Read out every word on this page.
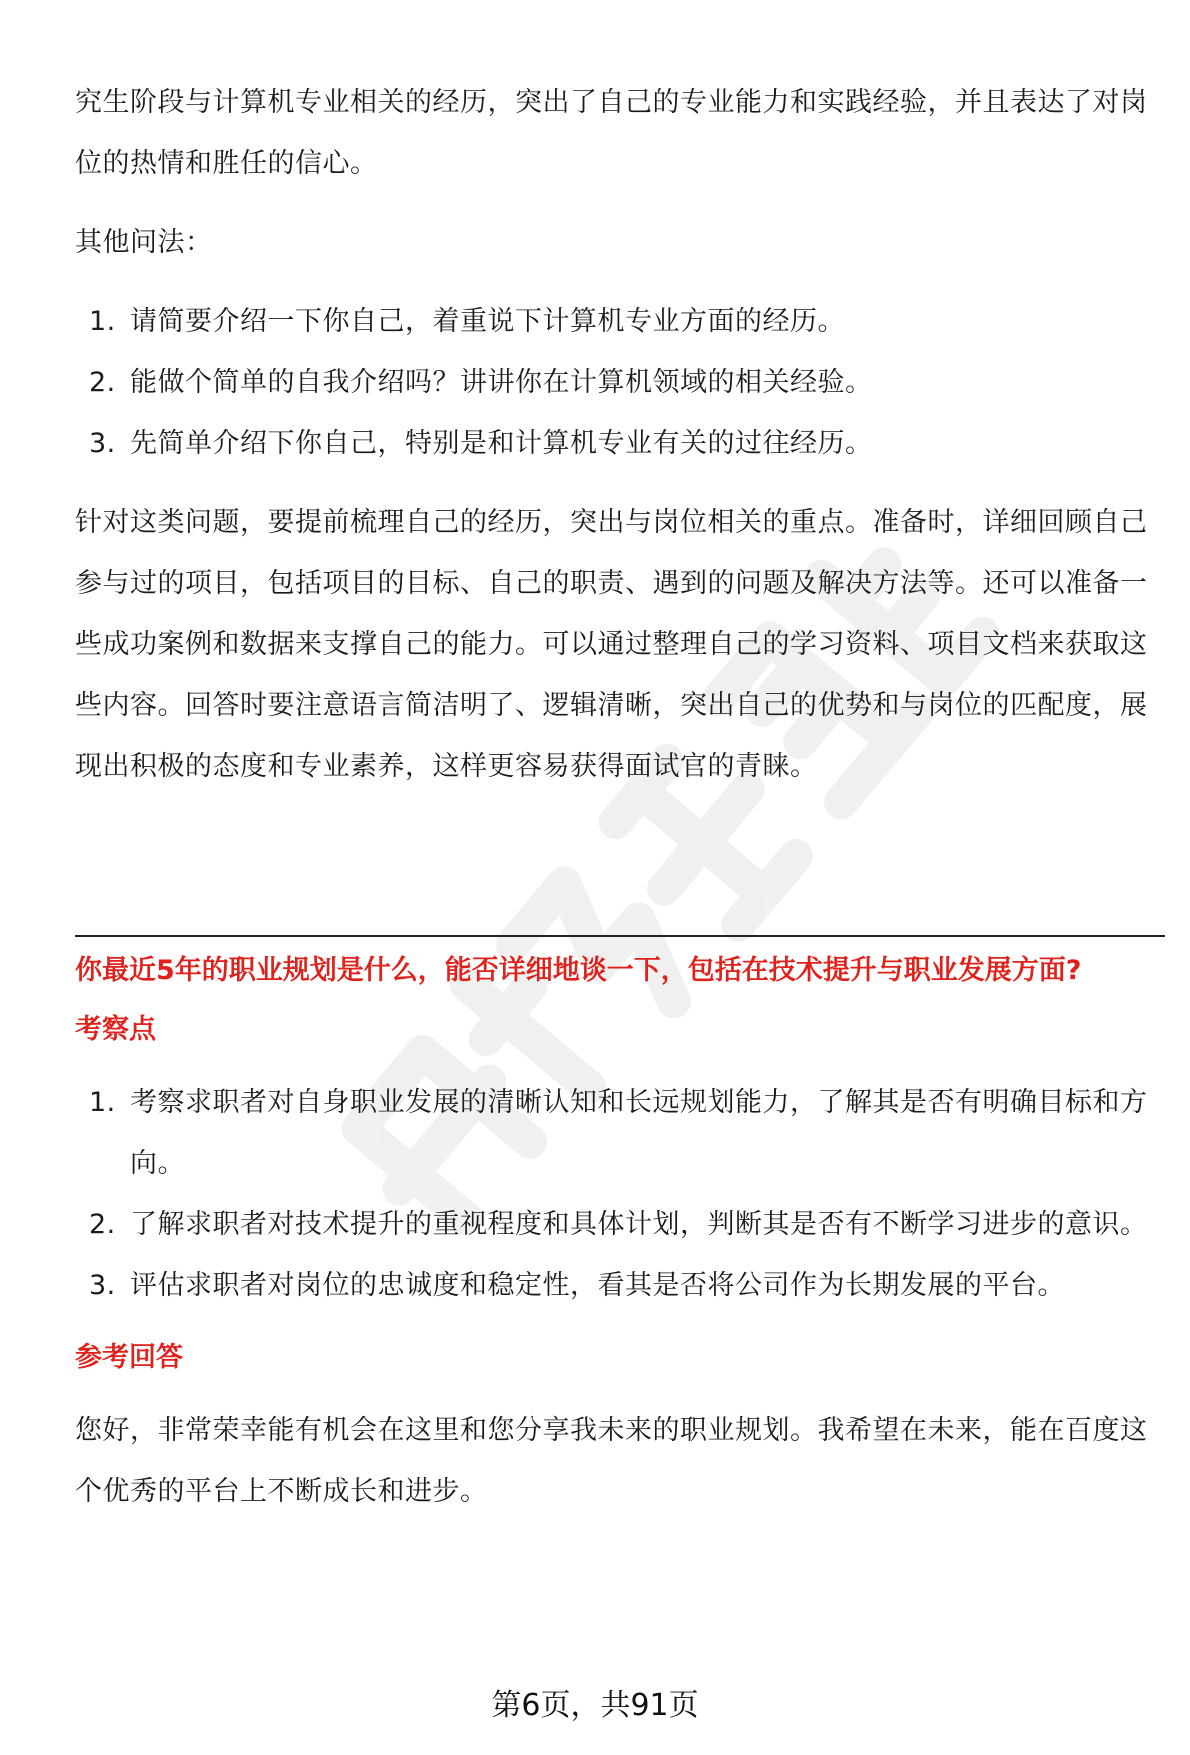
究生阶段与计算机专业相关的经历，突出了自己的专业能力和实践经验，并且表达了对岗位的热情和胜任的信心。

其他问法：

1. 请简要介绍一下你自己，着重说下计算机专业方面的经历。
2. 能做个简单的自我介绍吗？讲讲你在计算机领域的相关经验。
3. 先简单介绍下你自己，特别是和计算机专业有关的过往经历。

针对这类问题，要提前梳理自己的经历，突出与岗位相关的重点。准备时，详细回顾自己参与过的项目，包括项目的目标、自己的职责、遇到的问题及解决方法等。还可以准备一些成功案例和数据来支撑自己的能力。可以通过整理自己的学习资料、项目文档来获取这些内容。回答时要注意语言简洁明了、逻辑清晰，突出自己的优势和与岗位的匹配度，展现出积极的态度和专业素养，这样更容易获得面试官的青睐。

你最近5年的职业规划是什么，能否详细地谈一下，包括在技术提升与职业发展方面?

考察点

1. 考察求职者对自身职业发展的清晰认知和长远规划能力，了解其是否有明确目标和方向。
2. 了解求职者对技术提升的重视程度和具体计划，判断其是否有不断学习进步的意识。
3. 评估求职者对岗位的忠诚度和稳定性，看其是否将公司作为长期发展的平台。

参考回答

您好，非常荣幸能有机会在这里和您分享我未来的职业规划。我希望在未来，能在百度这个优秀的平台上不断成长和进步。

第6页，共91页
